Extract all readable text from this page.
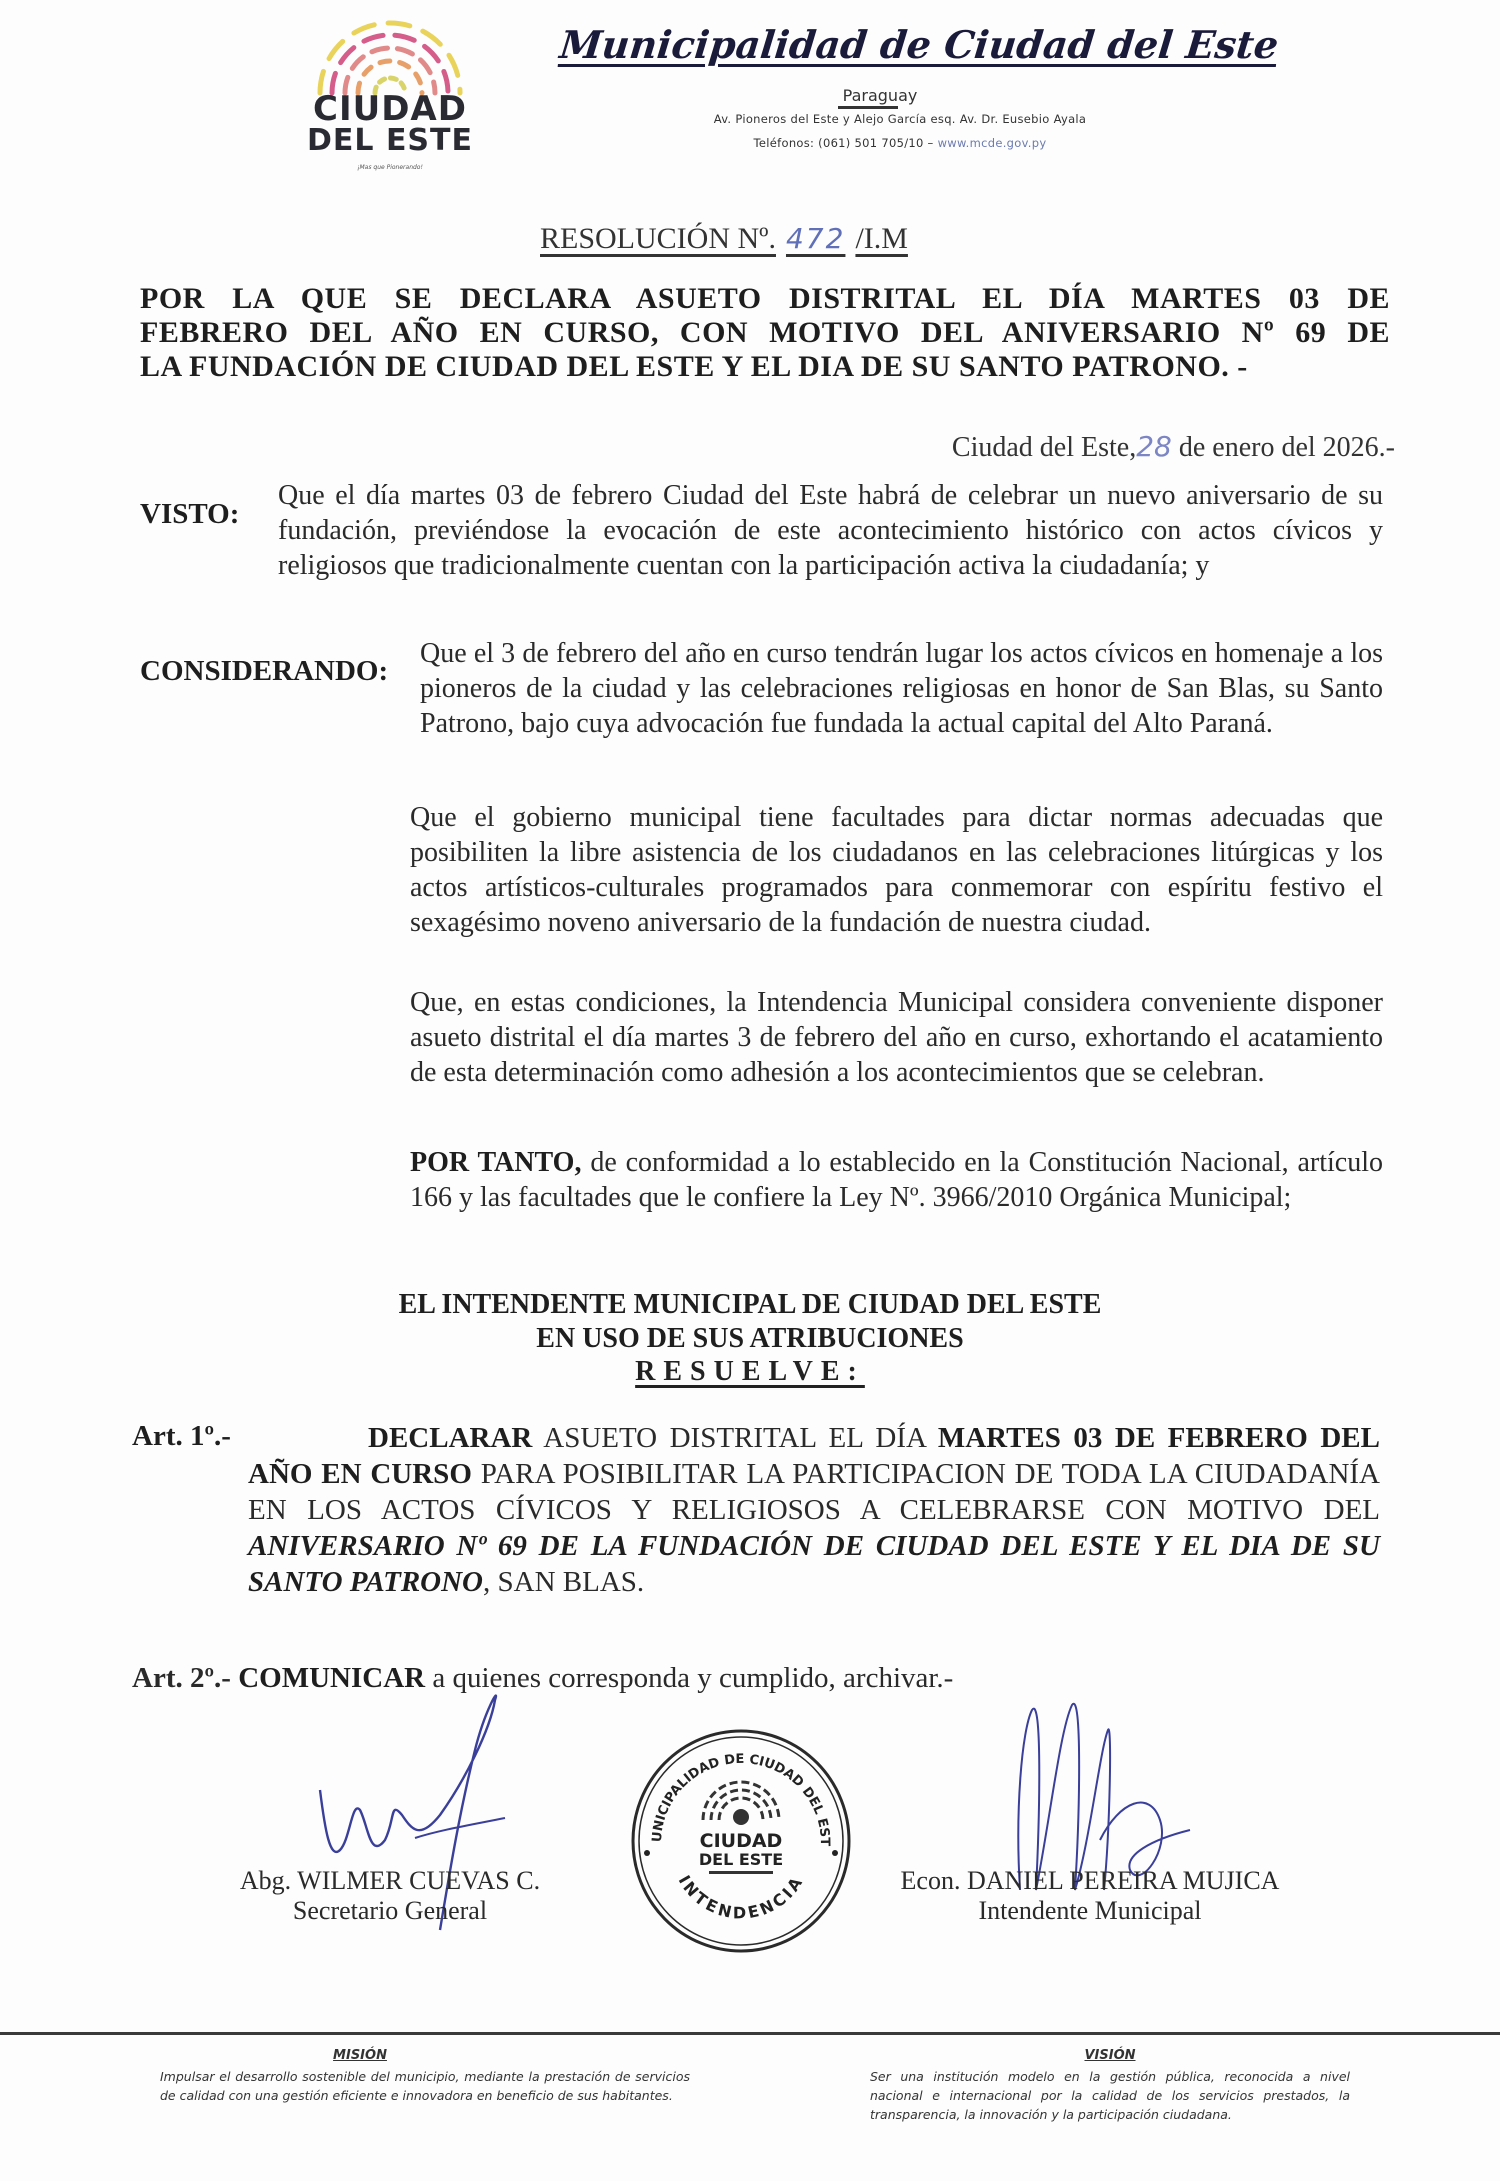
CIUDAD
DEL ESTE
¡Mas que Pionerando!
Municipalidad de Ciudad del Este
Paraguay
Av. Pioneros del Este y Alejo García esq. Av. Dr. Eusebio Ayala
Teléfonos: (061) 501 705/10 – www.mcde.gov.py
RESOLUCIÓN Nº. 472 /I.M
POR LA QUE SE DECLARA ASUETO DISTRITAL EL DÍA MARTES 03 DE
FEBRERO DEL AÑO EN CURSO, CON MOTIVO DEL ANIVERSARIO Nº 69 DE
LA FUNDACIÓN DE CIUDAD DEL ESTE Y EL DIA DE SU SANTO PATRONO. -
Ciudad del Este,28 de enero del 2026.-
VISTO:
Que el día martes 03 de febrero Ciudad del Este habrá de celebrar un nuevo aniversario de su fundación, previéndose la evocación de este acontecimiento histórico con actos cívicos y religiosos que tradicionalmente cuentan con la participación activa la ciudadanía; y
CONSIDERANDO:
Que el 3 de febrero del año en curso tendrán lugar los actos cívicos en homenaje a los pioneros de la ciudad y las celebraciones religiosas en honor de San Blas, su Santo Patrono, bajo cuya advocación fue fundada la actual capital del Alto Paraná.
Que el gobierno municipal tiene facultades para dictar normas adecuadas que posibiliten la libre asistencia de los ciudadanos en las celebraciones litúrgicas y los actos artísticos-culturales programados para conmemorar con espíritu festivo el sexagésimo noveno aniversario de la fundación de nuestra ciudad.
Que, en estas condiciones, la Intendencia Municipal considera conveniente disponer asueto distrital el día martes 3 de febrero del año en curso, exhortando el acatamiento de esta determinación como adhesión a los acontecimientos que se celebran.
POR TANTO, de conformidad a lo establecido en la Constitución Nacional, artículo 166 y las facultades que le confiere la Ley Nº. 3966/2010 Orgánica Municipal;
EL INTENDENTE MUNICIPAL DE CIUDAD DEL ESTE
EN USO DE SUS ATRIBUCIONES
RESUELVE:
Art. 1º.-	DECLARAR ASUETO DISTRITAL EL DÍA MARTES 03 DE FEBRERO DEL AÑO EN CURSO PARA POSIBILITAR LA PARTICIPACION DE TODA LA CIUDADANÍA EN LOS ACTOS CÍVICOS Y RELIGIOSOS A CELEBRARSE CON MOTIVO DEL ANIVERSARIO Nº 69 DE LA FUNDACIÓN DE CIUDAD DEL ESTE Y EL DIA DE SU SANTO PATRONO, SAN BLAS.
Art. 2º.- COMUNICAR a quienes corresponda y cumplido, archivar.-
Abg. WILMER CUEVAS C.
Secretario General
Econ. DANIEL PEREIRA MUJICA
Intendente Municipal
UNICIPALIDAD DE CIUDAD DEL EST
INTENDENCIA
CIUDAD
DEL ESTE
MISIÓN
Impulsar el desarrollo sostenible del municipio, mediante la prestación de servicios de calidad con una gestión eficiente e innovadora en beneficio de sus habitantes.
VISIÓN
Ser una institución modelo en la gestión pública, reconocida a nivel nacional e internacional por la calidad de los servicios prestados, la transparencia, la innovación y la participación ciudadana.
